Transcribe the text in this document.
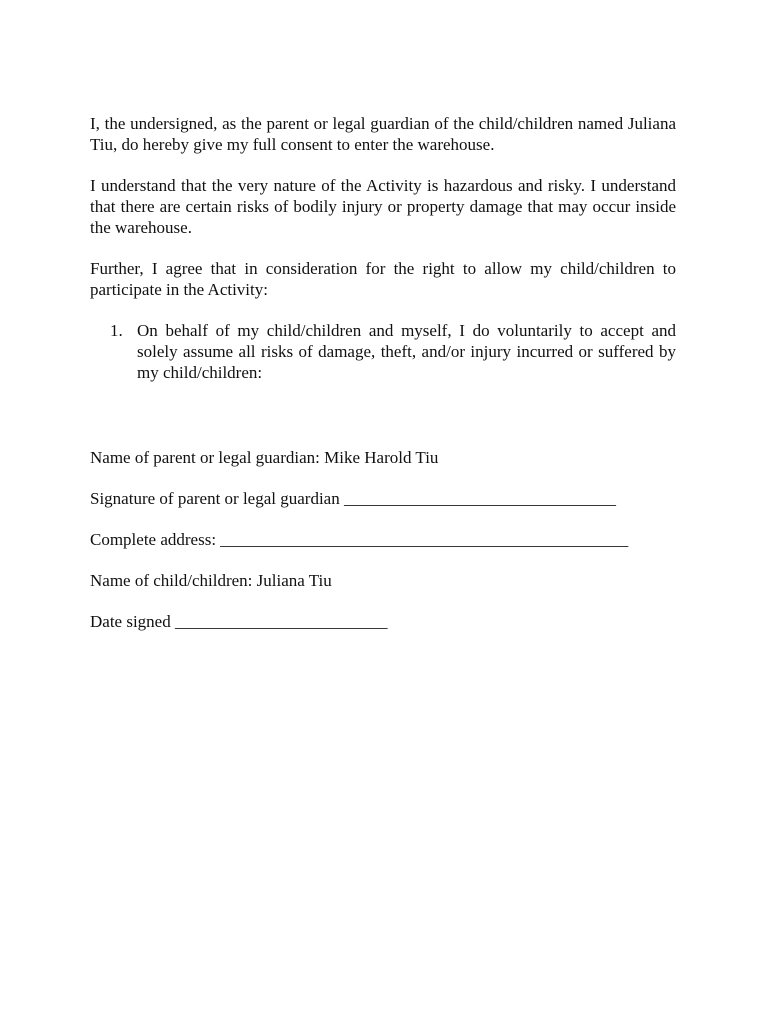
I, the undersigned, as the parent or legal guardian of the child/children named Juliana Tiu, do hereby give my full consent to enter the warehouse.

I understand that the very nature of the Activity is hazardous and risky. I understand that there are certain risks of bodily injury or property damage that may occur inside the warehouse.

Further, I agree that in consideration for the right to allow my child/children to participate in the Activity:

1. On behalf of my child/children and myself, I do voluntarily to accept and solely assume all risks of damage, theft, and/or injury incurred or suffered by my child/children:
Name of parent or legal guardian: Mike Harold Tiu
Signature of parent or legal guardian ________________________________
Complete address: ________________________________________________
Name of child/children: Juliana Tiu
Date signed _________________________
